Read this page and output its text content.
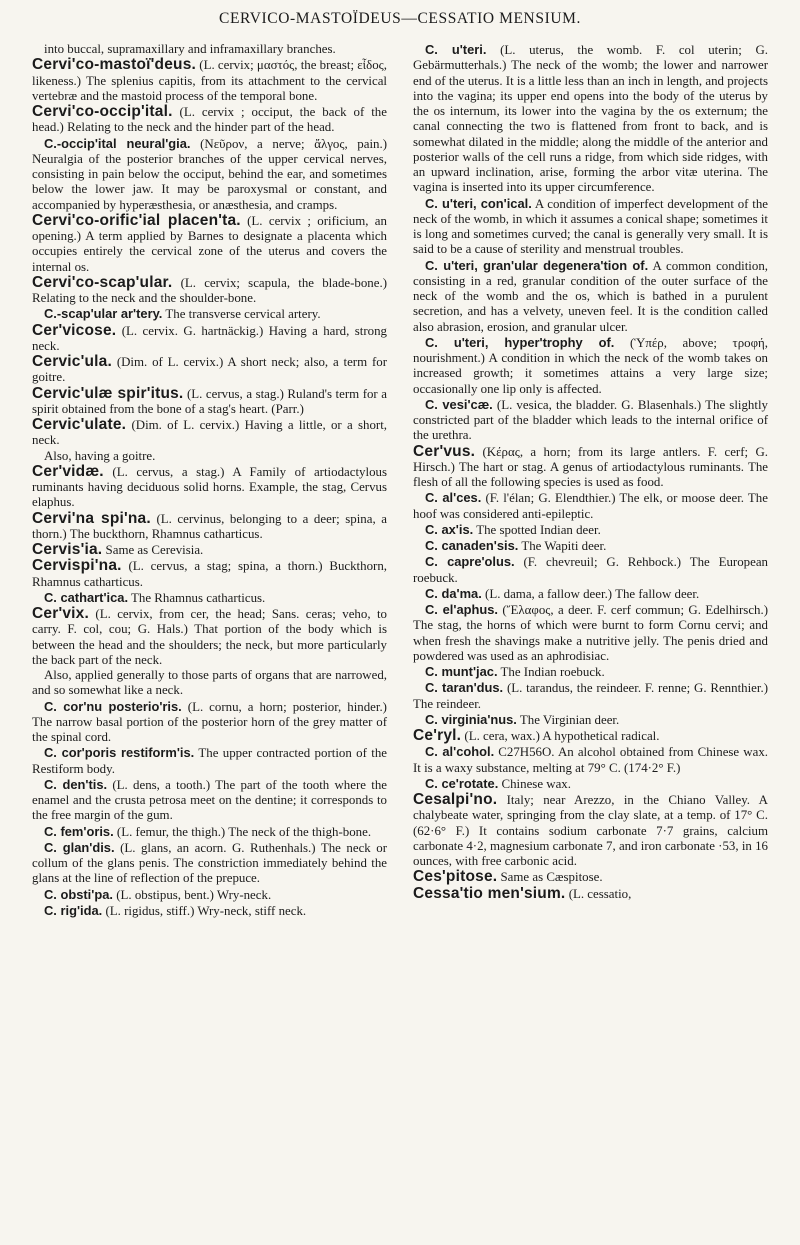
CERVICO-MASTOÏDEUS—CESSATIO MENSIUM.

into buccal, supramaxillary and inframaxillary branches.

Cervi'co-mastoï'deus. (L. cervix; μαστός, the breast; εἶδος, likeness.) The splenius capitis, from its attachment to the cervical vertebræ and the mastoid process of the temporal bone.

Cervi'co-occip'ital. (L. cervix ; occiput, the back of the head.) Relating to the neck and the hinder part of the head.

C.-occip'ital neural'gia. (Νεῦρον, a nerve; ἄλγος, pain.) Neuralgia of the posterior branches of the upper cervical nerves, consisting in pain below the occiput, behind the ear, and sometimes below the lower jaw. It may be paroxysmal or constant, and accompanied by hyperæsthesia, or anæsthesia, and cramps.

Cervi'co-orific'ial placen'ta. (L. cervix ; orificium, an opening.) A term applied by Barnes to designate a placenta which occupies entirely the cervical zone of the uterus and covers the internal os.

Cervi'co-scap'ular. (L. cervix; scapula, the blade-bone.) Relating to the neck and the shoulder-bone.

C.-scap'ular ar'tery. The transverse cervical artery.

Cer'vicose. (L. cervix. G. hartnäckig.) Having a hard, strong neck.

Cervic'ula. (Dim. of L. cervix.) A short neck; also, a term for goitre.

Cervic'ulæ spir'itus. (L. cervus, a stag.) Ruland's term for a spirit obtained from the bone of a stag's heart. (Parr.)

Cervic'ulate. (Dim. of L. cervix.) Having a little, or a short, neck.

Also, having a goitre.

Cer'vidæ. (L. cervus, a stag.) A Family of artiodactylous ruminants having deciduous solid horns. Example, the stag, Cervus elaphus.

Cervi'na spi'na. (L. cervinus, belonging to a deer; spina, a thorn.) The buckthorn, Rhamnus catharticus.

Cervis'ia. Same as Cerevisia.

Cervispi'na. (L. cervus, a stag; spina, a thorn.) Buckthorn, Rhamnus catharticus.

C. cathart'ica. The Rhamnus catharticus.

Cer'vix. (L. cervix, from cer, the head; Sans. ceras; veho, to carry. F. col, cou; G. Hals.) That portion of the body which is between the head and the shoulders; the neck, but more particularly the back part of the neck.

Also, applied generally to those parts of organs that are narrowed, and so somewhat like a neck.

C. cor'nu posterio'ris. (L. cornu, a horn; posterior, hinder.) The narrow basal portion of the posterior horn of the grey matter of the spinal cord.

C. cor'poris restiform'is. The upper contracted portion of the Restiform body.

C. den'tis. (L. dens, a tooth.) The part of the tooth where the enamel and the crusta petrosa meet on the dentine; it corresponds to the free margin of the gum.

C. fem'oris. (L. femur, the thigh.) The neck of the thigh-bone.

C. glan'dis. (L. glans, an acorn. G. Ruthenhals.) The neck or collum of the glans penis. The constriction immediately behind the glans at the line of reflection of the prepuce.

C. obsti'pa. (L. obstipus, bent.) Wry-neck.

C. rig'ida. (L. rigidus, stiff.) Wry-neck, stiff neck.

C. u'teri. (L. uterus, the womb. F. col uterin; G. Gebärmutterhals.) The neck of the womb; the lower and narrower end of the uterus. It is a little less than an inch in length, and projects into the vagina; its upper end opens into the body of the uterus by the os internum, its lower into the vagina by the os externum; the canal connecting the two is flattened from front to back, and is somewhat dilated in the middle; along the middle of the anterior and posterior walls of the cell runs a ridge, from which side ridges, with an upward inclination, arise, forming the arbor vitæ uterina. The vagina is inserted into its upper circumference.

C. u'teri, con'ical. A condition of imperfect development of the neck of the womb, in which it assumes a conical shape; sometimes it is long and sometimes curved; the canal is generally very small. It is said to be a cause of sterility and menstrual troubles.

C. u'teri, gran'ular degenera'tion of. A common condition, consisting in a red, granular condition of the outer surface of the neck of the womb and the os, which is bathed in a purulent secretion, and has a velvety, uneven feel. It is the condition called also abrasion, erosion, and granular ulcer.

C. u'teri, hyper'trophy of. (Ὑπέρ, above; τροφή, nourishment.) A condition in which the neck of the womb takes on increased growth; it sometimes attains a very large size; occasionally one lip only is affected.

C. vesi'cæ. (L. vesica, the bladder. G. Blasenhals.) The slightly constricted part of the bladder which leads to the internal orifice of the urethra.

Cer'vus. (Κέρας, a horn; from its large antlers. F. cerf; G. Hirsch.) The hart or stag. A genus of artiodactylous ruminants. The flesh of all the following species is used as food.

C. al'ces. (F. l'élan; G. Elendthier.) The elk, or moose deer. The hoof was considered anti-epileptic.

C. ax'is. The spotted Indian deer.

C. canaden'sis. The Wapiti deer.

C. capre'olus. (F. chevreuil; G. Rehbock.) The European roebuck.

C. da'ma. (L. dama, a fallow deer.) The fallow deer.

C. el'aphus. (Ἔλαφος, a deer. F. cerf commun; G. Edelhirsch.) The stag, the horns of which were burnt to form Cornu cervi; and when fresh the shavings make a nutritive jelly. The penis dried and powdered was used as an aphrodisiac.

C. munt'jac. The Indian roebuck.

C. taran'dus. (L. tarandus, the reindeer. F. renne; G. Rennthier.) The reindeer.

C. virginia'nus. The Virginian deer.

Ce'ryl. (L. cera, wax.) A hypothetical radical.

C. al'cohol. C27H56O. An alcohol obtained from Chinese wax. It is a waxy substance, melting at 79° C. (174·2° F.)

C. ce'rotate. Chinese wax.

Cesalpi'no. Italy; near Arezzo, in the Chiano Valley. A chalybeate water, springing from the clay slate, at a temp. of 17° C. (62·6° F.) It contains sodium carbonate 7·7 grains, calcium carbonate 4·2, magnesium carbonate 7, and iron carbonate ·53, in 16 ounces, with free carbonic acid.

Ces'pitose. Same as Cæspitose.

Cessa'tio men'sium. (L. cessatio,
